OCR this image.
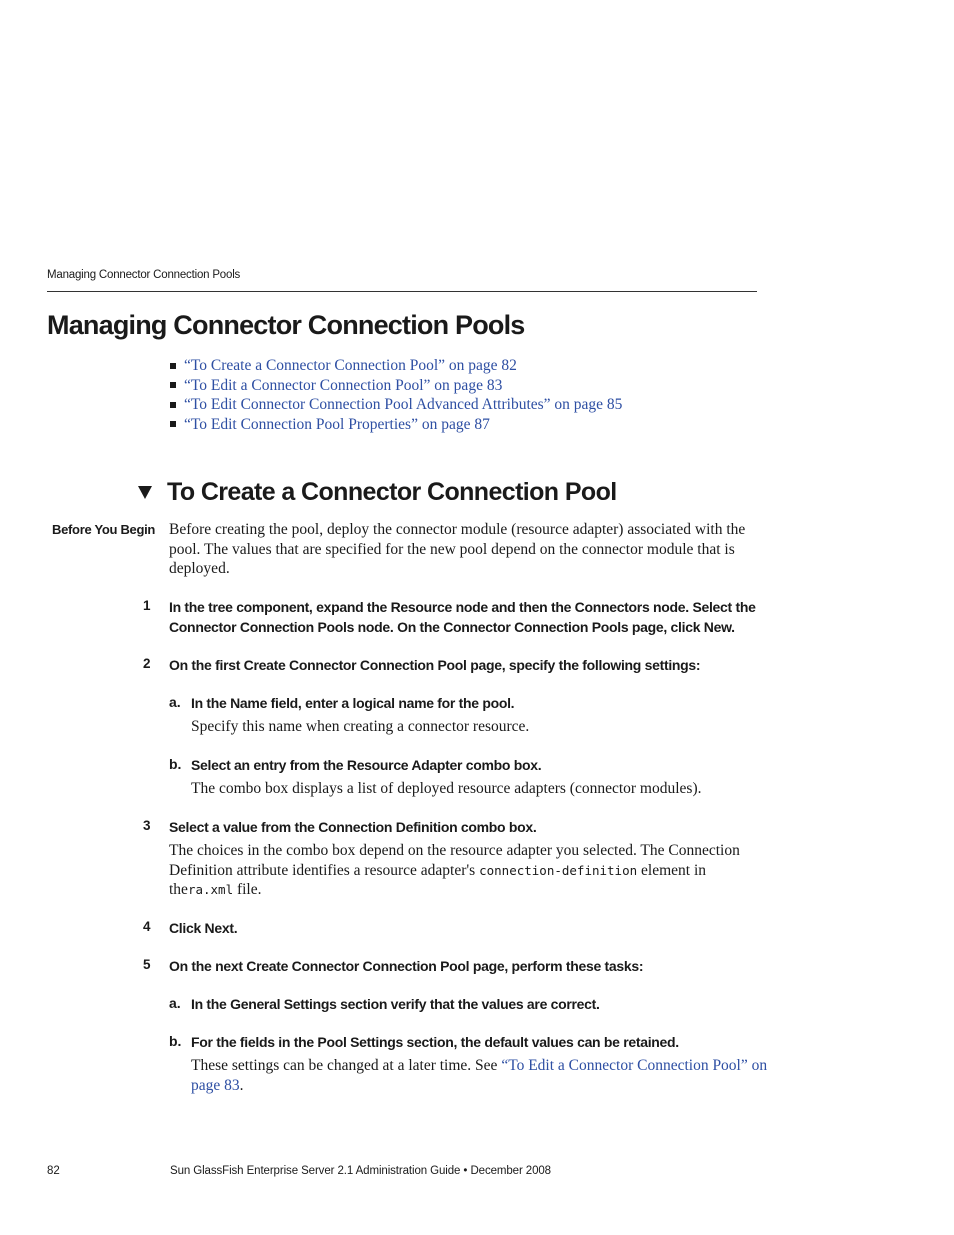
Managing Connector Connection Pools
Managing Connector Connection Pools
“To Create a Connector Connection Pool” on page 82
“To Edit a Connector Connection Pool” on page 83
“To Edit Connector Connection Pool Advanced Attributes” on page 85
“To Edit Connection Pool Properties” on page 87
To Create a Connector Connection Pool
Before You Begin Before creating the pool, deploy the connector module (resource adapter) associated with the
pool. The values that are specified for the new pool depend on the connector module that is
deployed.
1	In the tree component, expand the Resource node and then the Connectors node. Select the
Connector Connection Pools node. On the Connector Connection Pools page, click New.
2	On the first Create Connector Connection Pool page, specify the following settings:
a. In the Name field, enter a logical name for the pool.
Specify this name when creating a connector resource.
b. Select an entry from the Resource Adapter combo box.
The combo box displays a list of deployed resource adapters (connector modules).
3	Select a value from the Connection Definition combo box.
The choices in the combo box depend on the resource adapter you selected. The Connection
Definition attribute identifies a resource adapter's connection-definition element in
thera.xml file.
4	Click Next.
5	On the next Create Connector Connection Pool page, perform these tasks:
a. In the General Settings section verify that the values are correct.
b. For the fields in the Pool Settings section, the default values can be retained.
These settings can be changed at a later time. See “To Edit a Connector Connection Pool” on
page 83.
82	Sun GlassFish Enterprise Server 2.1 Administration Guide • December 2008
